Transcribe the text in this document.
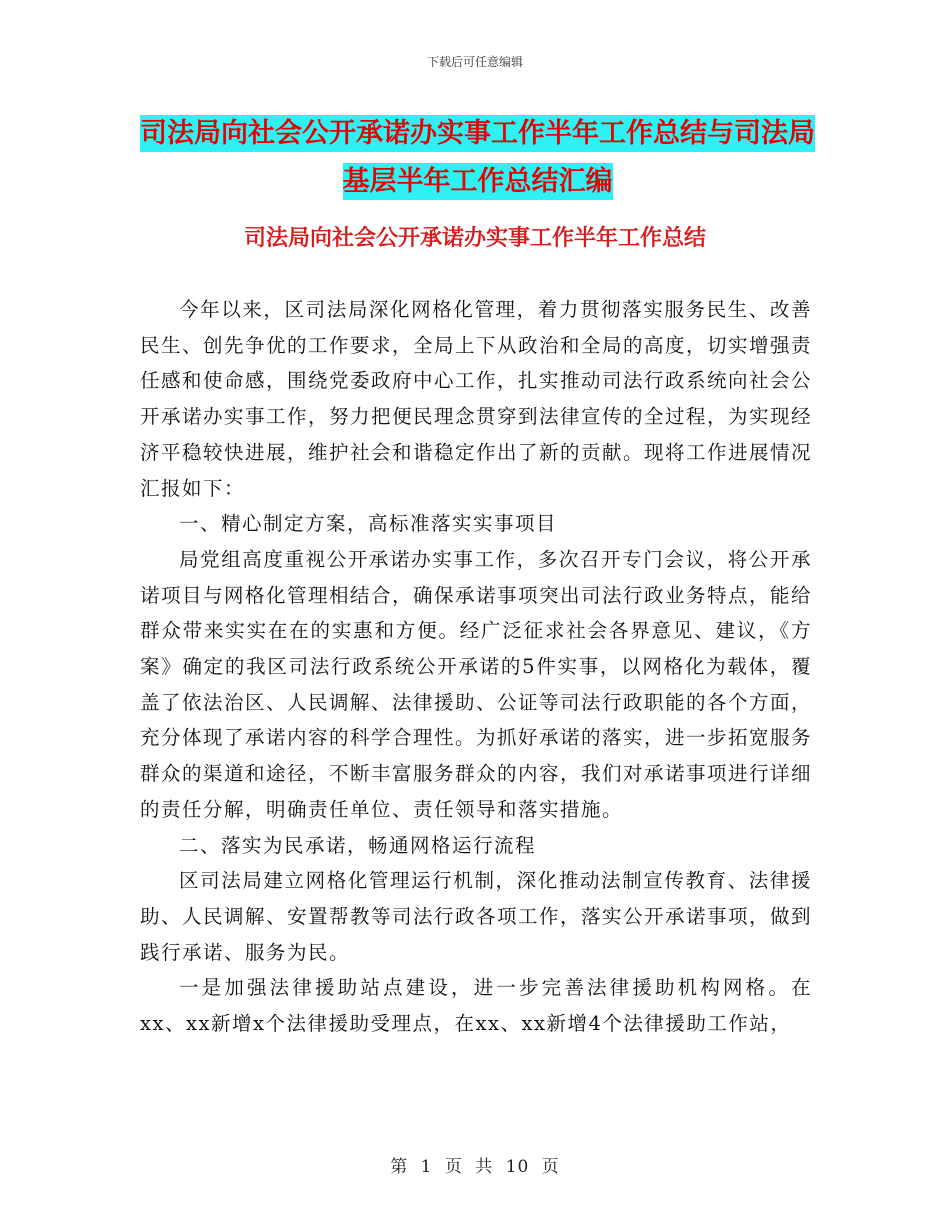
下载后可任意编辑
司法局向社会公开承诺办实事工作半年工作总结与司法局基层半年工作总结汇编
司法局向社会公开承诺办实事工作半年工作总结

今年以来，区司法局深化网格化管理，着力贯彻落实服务民生、改善民生、创先争优的工作要求，全局上下从政治和全局的高度，切实增强责任感和使命感，围绕党委政府中心工作，扎实推动司法行政系统向社会公开承诺办实事工作，努力把便民理念贯穿到法律宣传的全过程，为实现经济平稳较快进展，维护社会和谐稳定作出了新的贡献。现将工作进展情况汇报如下：

一、精心制定方案，高标准落实实事项目

局党组高度重视公开承诺办实事工作，多次召开专门会议，将公开承诺项目与网格化管理相结合，确保承诺事项突出司法行政业务特点，能给群众带来实实在在的实惠和方便。经广泛征求社会各界意见、建议，《方案》确定的我区司法行政系统公开承诺的5件实事，以网格化为载体，覆盖了依法治区、人民调解、法律援助、公证等司法行政职能的各个方面，充分体现了承诺内容的科学合理性。为抓好承诺的落实，进一步拓宽服务群众的渠道和途径，不断丰富服务群众的内容，我们对承诺事项进行详细的责任分解，明确责任单位、责任领导和落实措施。

二、落实为民承诺，畅通网格运行流程

区司法局建立网格化管理运行机制，深化推动法制宣传教育、法律援助、人民调解、安置帮教等司法行政各项工作，落实公开承诺事项，做到践行承诺、服务为民。

一是加强法律援助站点建设，进一步完善法律援助机构网格。在xx、xx新增x个法律援助受理点，在xx、xx新增4个法律援助工作站，

第 1 页 共 10 页
